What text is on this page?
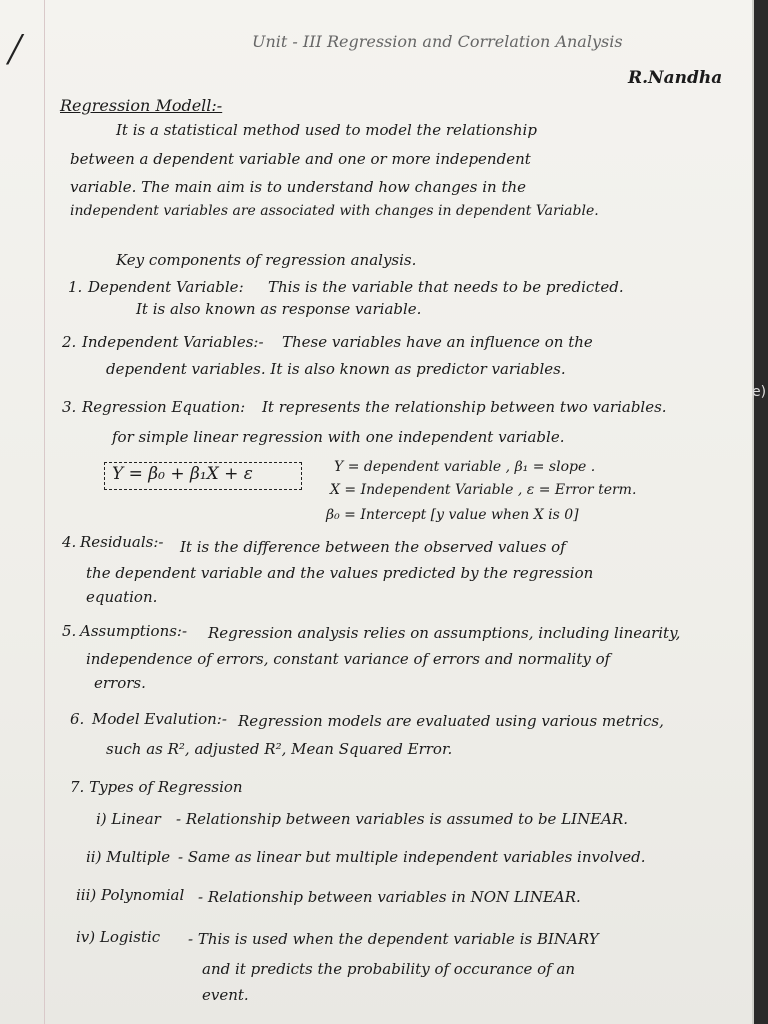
/	Unit - III Regression and Correlation Analysis
R.Nandha
Regression Modell:-
It is a statistical method used to model the relationship
between a dependent variable and one or more independent
variable. The main aim is to understand how changes in the
independent variables are associated with changes in dependent Variable.
Key components of regression analysis.
1. Dependent Variable: This is the variable that needs to be predicted.
It is also known as response variable.
2. Independent Variables:- These variables have an influence on the
dependent variables. It is also known as predictor variables.
3. Regression Equation: It represents the relationship between two variables.
for simple linear regression with one independent variable.
Y = β₀ + β₁X + ε	Y = dependent variable , β₁ = slope .
X = Independent Variable , ε = Error term.
β₀ = Intercept [y value when X is 0]
4. Residuals:- It is the difference between the observed values of
the dependent variable and the values predicted by the regression
equation.
5. Assumptions:- Regression analysis relies on assumptions, including linearity,
independence of errors, constant variance of errors and normality of
errors.
6. Model Evalution:- Regression models are evaluated using various metrics,
such as R², adjusted R², Mean Squared Error.
7. Types of Regression
i) Linear - Relationship between variables is assumed to be LINEAR.
ii) Multiple - Same as linear but multiple independent variables involved.
iii) Polynomial - Relationship between variables in NON LINEAR.
iv) Logistic - This is used when the dependent variable is BINARY
and it predicts the probability of occurance of an
event.
e)
